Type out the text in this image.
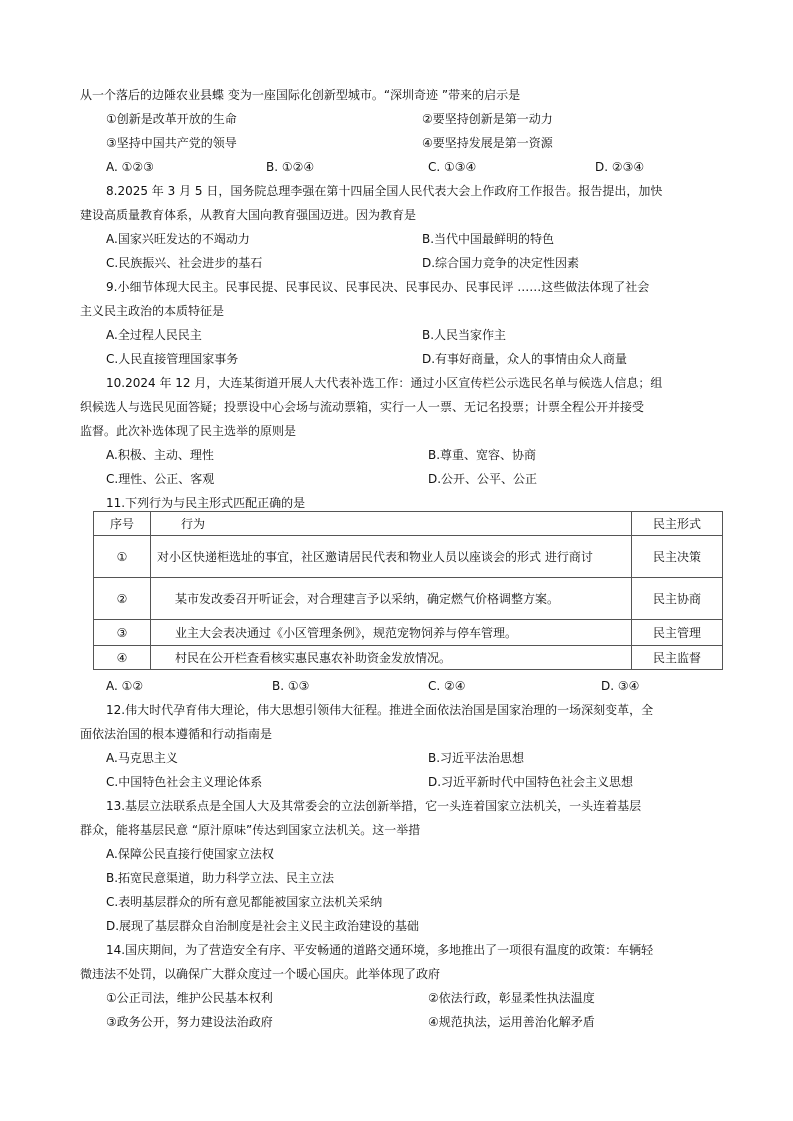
从一个落后的边陲农业县蝶 变为一座国际化创新型城市。“深圳奇迹 ”带来的启示是
①创新是改革开放的生命	②要坚持创新是第一动力
③坚持中国共产党的领导	④要坚持发展是第一资源
A. ①②③	B. ①②④	C. ①③④	D. ②③④
8.2025 年 3 月 5 日，国务院总理李强在第十四届全国人民代表大会上作政府工作报告。报告提出，加快
建设高质量教育体系，从教育大国向教育强国迈进。因为教育是
A.国家兴旺发达的不竭动力	B.当代中国最鲜明的特色
C.民族振兴、社会进步的基石	D.综合国力竞争的决定性因素
9.小细节体现大民主。民事民提、民事民议、民事民决、民事民办、民事民评 ……这些做法体现了社会
主义民主政治的本质特征是
A.全过程人民民主	B.人民当家作主
C.人民直接管理国家事务	D.有事好商量，众人的事情由众人商量
10.2024 年 12 月，大连某街道开展人大代表补选工作：通过小区宣传栏公示选民名单与候选人信息；组
织候选人与选民见面答疑；投票设中心会场与流动票箱，实行一人一票、无记名投票；计票全程公开并接受
监督。此次补选体现了民主选举的原则是
A.积极、主动、理性	B.尊重、宽容、协商
C.理性、公正、客观	D.公开、公平、公正
11.下列行为与民主形式匹配正确的是
序号	行为	民主形式
①	对小区快递柜选址的事宜，社区邀请居民代表和物业人员以座谈会的形式 进行商讨	民主决策
②	某市发改委召开听证会，对合理建言予以采纳，确定燃气价格调整方案。	民主协商
③	业主大会表决通过《小区管理条例》，规范宠物饲养与停车管理。	民主管理
④	村民在公开栏查看核实惠民惠农补助资金发放情况。	民主监督
A. ①②	B. ①③	C. ②④	D. ③④
12.伟大时代孕育伟大理论，伟大思想引领伟大征程。推进全面依法治国是国家治理的一场深刻变革，全
面依法治国的根本遵循和行动指南是
A.马克思主义	B.习近平法治思想
C.中国特色社会主义理论体系	D.习近平新时代中国特色社会主义思想
13.基层立法联系点是全国人大及其常委会的立法创新举措，它一头连着国家立法机关，一头连着基层
群众，能将基层民意 “原汁原味”传达到国家立法机关。这一举措
A.保障公民直接行使国家立法权
B.拓宽民意渠道，助力科学立法、民主立法
C.表明基层群众的所有意见都能被国家立法机关采纳
D.展现了基层群众自治制度是社会主义民主政治建设的基础
14.国庆期间，为了营造安全有序、平安畅通的道路交通环境，多地推出了一项很有温度的政策：车辆轻
微违法不处罚，以确保广大群众度过一个暖心国庆。此举体现了政府
①公正司法，维护公民基本权利	②依法行政，彰显柔性执法温度
③政务公开，努力建设法治政府	④规范执法，运用善治化解矛盾
